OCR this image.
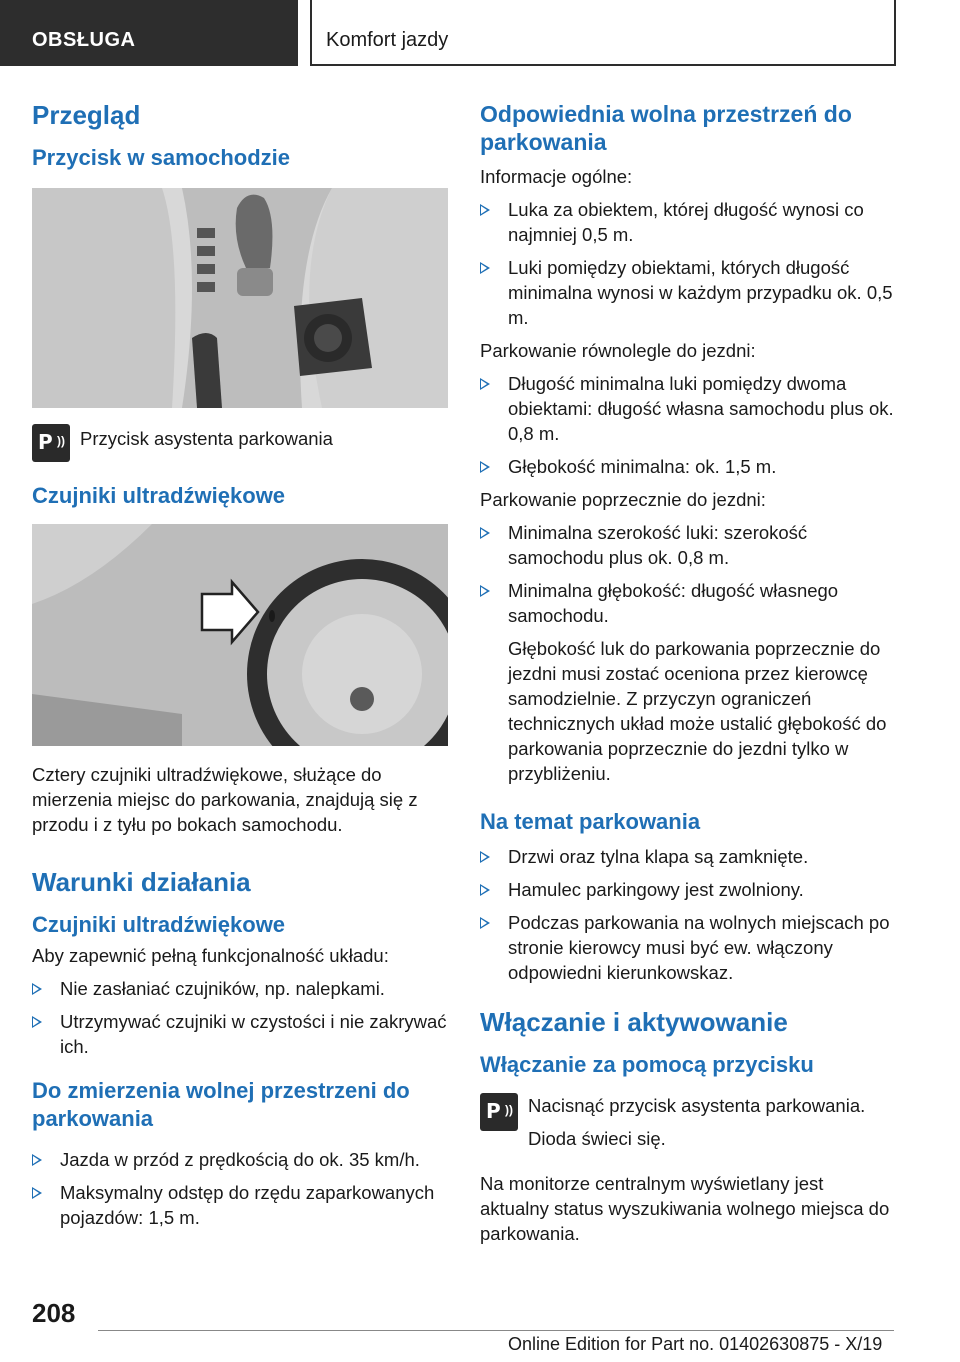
OBSŁUGA	Komfort jazdy
Przegląd
Przycisk w samochodzie
P )) Przycisk asystenta parkowania

Czujniki ultradźwiękowe

Cztery czujniki ultradźwiękowe, służące do mierzenia miejsc do parkowania, znajdują się z przodu i z tyłu po bokach samochodu.

Warunki działania
Czujniki ultradźwiękowe

Aby zapewnić pełną funkcjonalność układu:

Nie zasłaniać czujników, np. nalepkami.
Utrzymywać czujniki w czystości i nie zakrywać ich.
Do zmierzenia wolnej przestrzeni do parkowania
Jazda w przód z prędkością do ok. 35 km/h.
Maksymalny odstęp do rzędu zaparkowanych pojazdów: 1,5 m.
Odpowiednia wolna przestrzeń do parkowania

Informacje ogólne:

Luka za obiektem, której długość wynosi co najmniej 0,5 m.
Luki pomiędzy obiektami, których długość minimalna wynosi w każdym przypadku ok. 0,5 m.

Parkowanie równolegle do jezdni:

Długość minimalna luki pomiędzy dwoma obiektami: długość własna samochodu plus ok. 0,8 m.
Głębokość minimalna: ok. 1,5 m.

Parkowanie poprzecznie do jezdni:

Minimalna szerokość luki: szerokość samochodu plus ok. 0,8 m.
Minimalna głębokość: długość własnego samochodu.

Głębokość luk do parkowania poprzecznie do jezdni musi zostać oceniona przez kierowcę samodzielnie. Z przyczyn ograniczeń technicznych układ może ustalić głębokość do parkowania poprzecznie do jezdni tylko w przybliżeniu.

Na temat parkowania
Drzwi oraz tylna klapa są zamknięte.
Hamulec parkingowy jest zwolniony.
Podczas parkowania na wolnych miejscach po stronie kierowcy musi być ew. włączony odpowiedni kierunkowskaz.
Włączanie i aktywowanie
Włączanie za pomocą przycisku
P )) Nacisnąć przycisk asystenta parkowania.

Dioda świeci się.

Na monitorze centralnym wyświetlany jest aktualny status wyszukiwania wolnego miejsca do parkowania.

208
Online Edition for Part no. 01402630875 - X/19
